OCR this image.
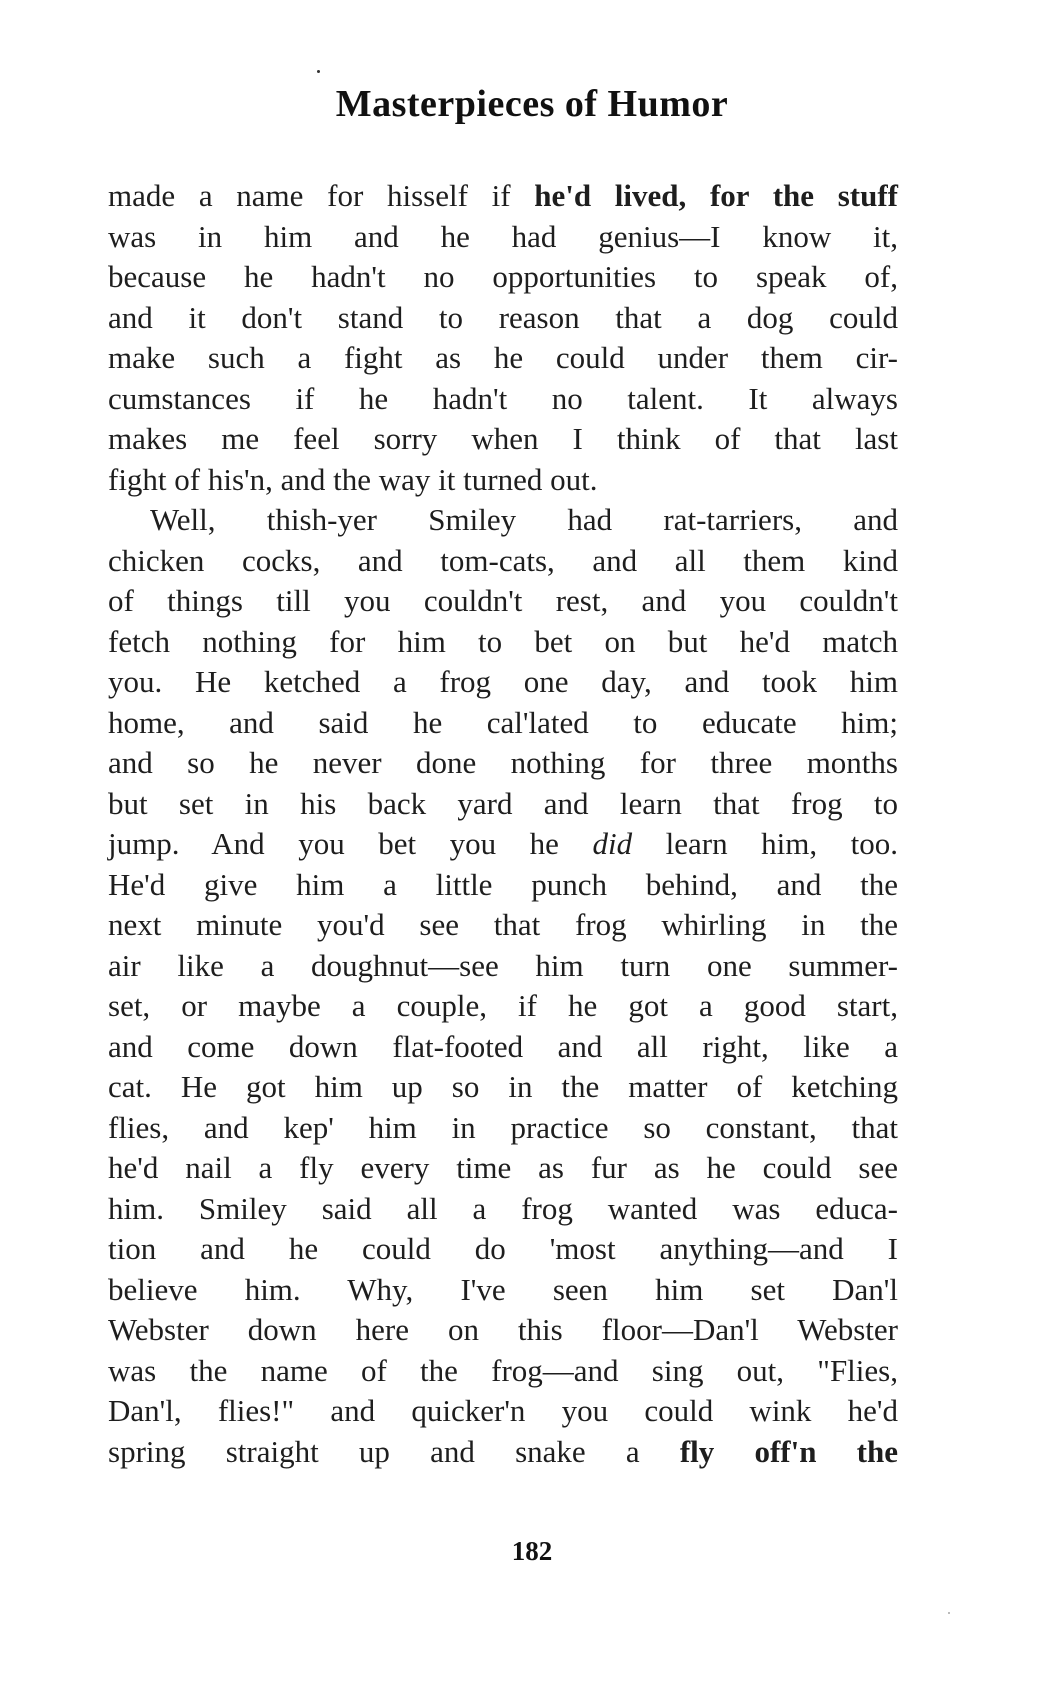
Masterpieces of Humor
made a name for hisself if he'd lived, for the stuff
was in him and he had genius—I know it,
because he hadn't no opportunities to speak of,
and it don't stand to reason that a dog could
make such a fight as he could under them cir-
cumstances if he hadn't no talent. It always
makes me feel sorry when I think of that last
fight of his'n, and the way it turned out.
Well, thish-yer Smiley had rat-tarriers, and
chicken cocks, and tom-cats, and all them kind
of things till you couldn't rest, and you couldn't
fetch nothing for him to bet on but he'd match
you. He ketched a frog one day, and took him
home, and said he cal'lated to educate him;
and so he never done nothing for three months
but set in his back yard and learn that frog to
jump. And you bet you he did learn him, too.
He'd give him a little punch behind, and the
next minute you'd see that frog whirling in the
air like a doughnut—see him turn one summer-
set, or maybe a couple, if he got a good start,
and come down flat-footed and all right, like a
cat. He got him up so in the matter of ketching
flies, and kep' him in practice so constant, that
he'd nail a fly every time as fur as he could see
him. Smiley said all a frog wanted was educa-
tion and he could do 'most anything—and I
believe him. Why, I've seen him set Dan'l
Webster down here on this floor—Dan'l Webster
was the name of the frog—and sing out, "Flies,
Dan'l, flies!" and quicker'n you could wink he'd
spring straight up and snake a fly off'n the
182
